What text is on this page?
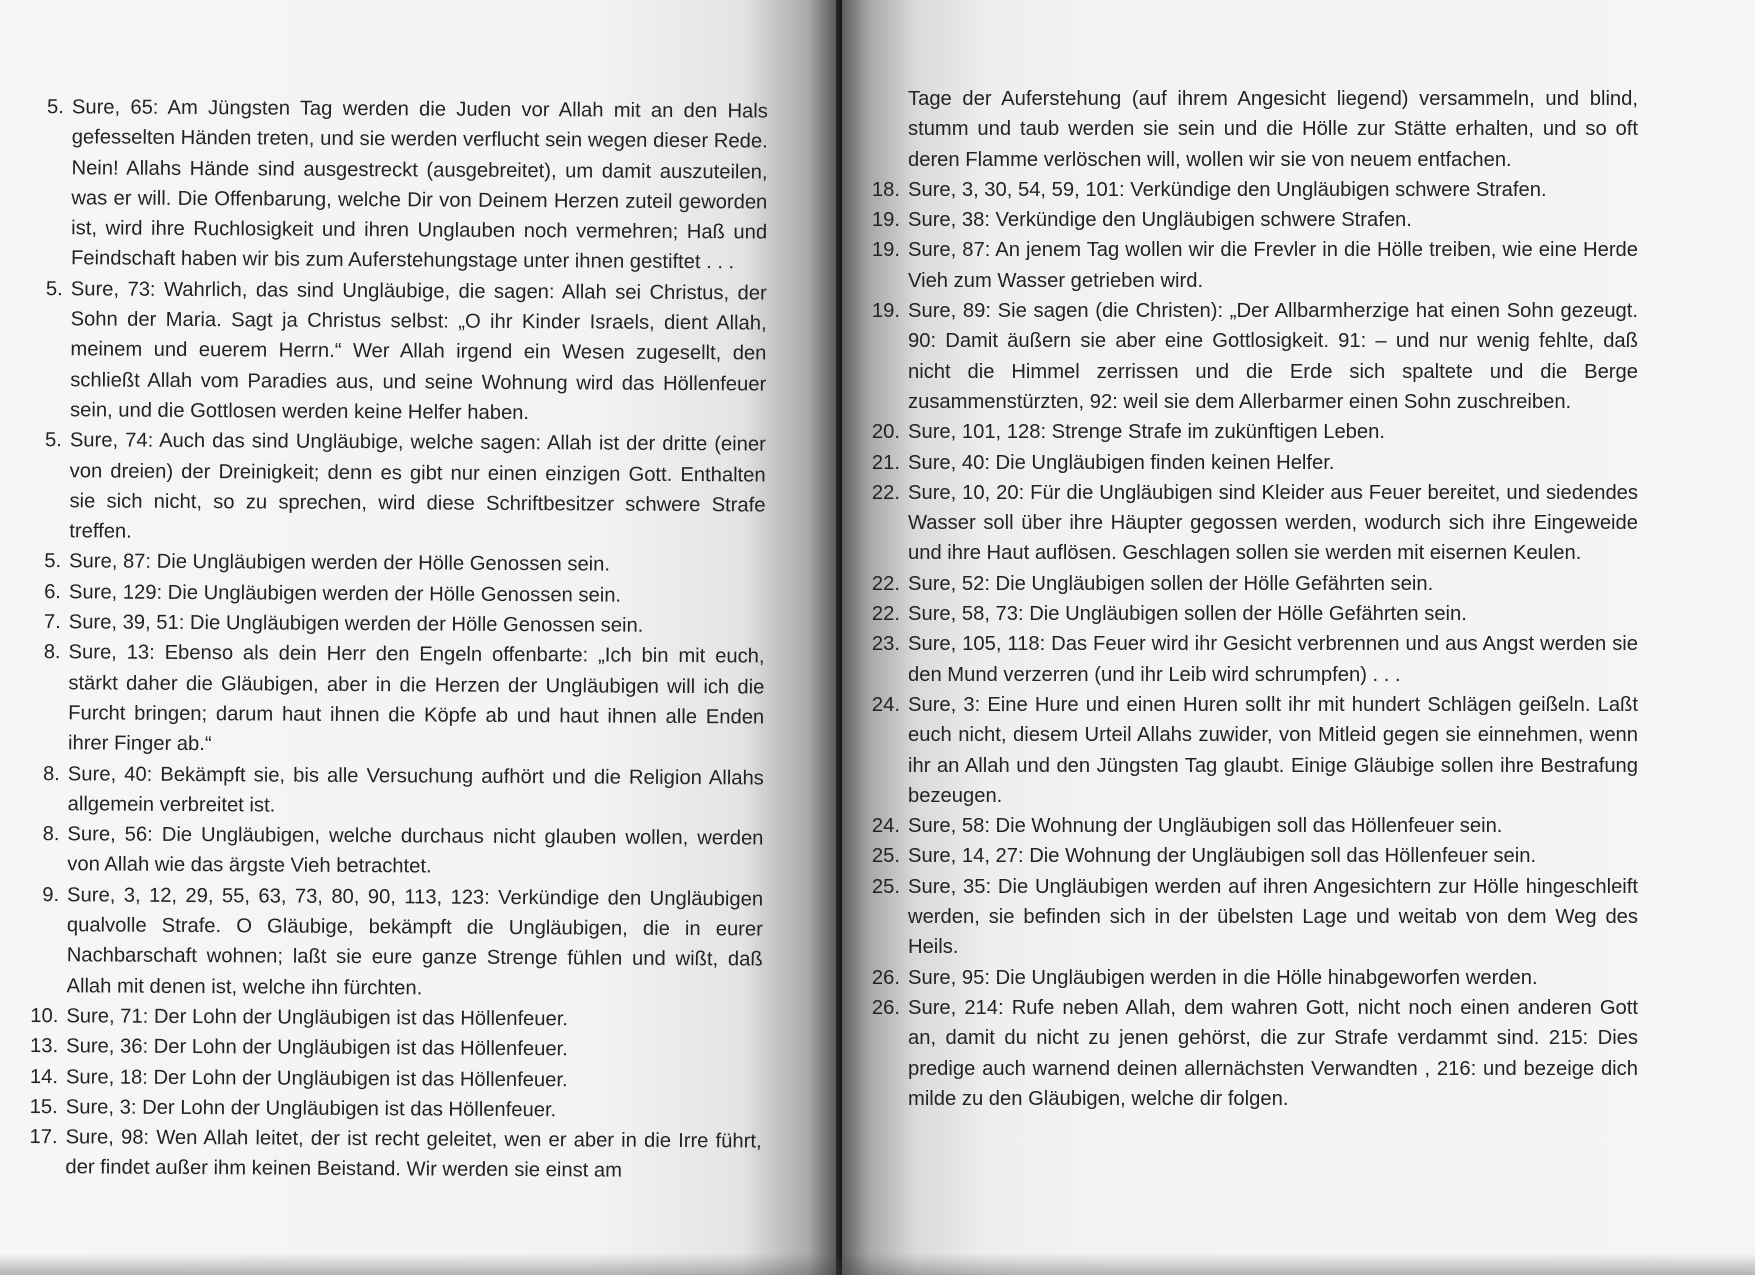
5. Sure, 65: Am Jüngsten Tag werden die Juden vor Allah mit an den Hals gefesselten Händen treten, und sie werden verflucht sein wegen dieser Rede. Nein! Allahs Hände sind ausgestreckt (ausgebreitet), um damit auszuteilen, was er will. Die Offenbarung, welche Dir von Deinem Herzen zuteil geworden ist, wird ihre Ruchlosigkeit und ihren Unglauben noch vermehren; Haß und Feindschaft haben wir bis zum Auferstehungstage unter ihnen gestiftet . . .
5. Sure, 73: Wahrlich, das sind Ungläubige, die sagen: Allah sei Christus, der Sohn der Maria. Sagt ja Christus selbst: „O ihr Kinder Israels, dient Allah, meinem und euerem Herrn.“ Wer Allah irgend ein Wesen zugesellt, den schließt Allah vom Paradies aus, und seine Wohnung wird das Höllenfeuer sein, und die Gottlosen werden keine Helfer haben.
5. Sure, 74: Auch das sind Ungläubige, welche sagen: Allah ist der dritte (einer von dreien) der Dreinigkeit; denn es gibt nur einen einzigen Gott. Enthalten sie sich nicht, so zu sprechen, wird diese Schriftbesitzer schwere Strafe treffen.
5. Sure, 87: Die Ungläubigen werden der Hölle Genossen sein.
6. Sure, 129: Die Ungläubigen werden der Hölle Genossen sein.
7. Sure, 39, 51: Die Ungläubigen werden der Hölle Genossen sein.
8. Sure, 13: Ebenso als dein Herr den Engeln offenbarte: „Ich bin mit euch, stärkt daher die Gläubigen, aber in die Herzen der Ungläubigen will ich die Furcht bringen; darum haut ihnen die Köpfe ab und haut ihnen alle Enden ihrer Finger ab.“
8. Sure, 40: Bekämpft sie, bis alle Versuchung aufhört und die Religion Allahs allgemein verbreitet ist.
8. Sure, 56: Die Ungläubigen, welche durchaus nicht glauben wollen, werden von Allah wie das ärgste Vieh betrachtet.
9. Sure, 3, 12, 29, 55, 63, 73, 80, 90, 113, 123: Verkündige den Ungläubigen qualvolle Strafe. O Gläubige, bekämpft die Ungläubigen, die in eurer Nachbarschaft wohnen; laßt sie eure ganze Strenge fühlen und wißt, daß Allah mit denen ist, welche ihn fürchten.
10. Sure, 71: Der Lohn der Ungläubigen ist das Höllenfeuer.
13. Sure, 36: Der Lohn der Ungläubigen ist das Höllenfeuer.
14. Sure, 18: Der Lohn der Ungläubigen ist das Höllenfeuer.
15. Sure, 3: Der Lohn der Ungläubigen ist das Höllenfeuer.
17. Sure, 98: Wen Allah leitet, der ist recht geleitet, wen er aber in die Irre führt, der findet außer ihm keinen Beistand. Wir werden sie einst am
Tage der Auferstehung (auf ihrem Angesicht liegend) versammeln, und blind, stumm und taub werden sie sein und die Hölle zur Stätte erhalten, und so oft deren Flamme verlöschen will, wollen wir sie von neuem entfachen.
18. Sure, 3, 30, 54, 59, 101: Verkündige den Ungläubigen schwere Strafen.
19. Sure, 38: Verkündige den Ungläubigen schwere Strafen.
19. Sure, 87: An jenem Tag wollen wir die Frevler in die Hölle treiben, wie eine Herde Vieh zum Wasser getrieben wird.
19. Sure, 89: Sie sagen (die Christen): „Der Allbarmherzige hat einen Sohn gezeugt. 90: Damit äußern sie aber eine Gottlosigkeit. 91: – und nur wenig fehlte, daß nicht die Himmel zerrissen und die Erde sich spaltete und die Berge zusammenstürzten, 92: weil sie dem Allerbarmer einen Sohn zuschreiben.
20. Sure, 101, 128: Strenge Strafe im zukünftigen Leben.
21. Sure, 40: Die Ungläubigen finden keinen Helfer.
22. Sure, 10, 20: Für die Ungläubigen sind Kleider aus Feuer bereitet, und siedendes Wasser soll über ihre Häupter gegossen werden, wodurch sich ihre Eingeweide und ihre Haut auflösen. Geschlagen sollen sie werden mit eisernen Keulen.
22. Sure, 52: Die Ungläubigen sollen der Hölle Gefährten sein.
22. Sure, 58, 73: Die Ungläubigen sollen der Hölle Gefährten sein.
23. Sure, 105, 118: Das Feuer wird ihr Gesicht verbrennen und aus Angst werden sie den Mund verzerren (und ihr Leib wird schrumpfen) . . .
24. Sure, 3: Eine Hure und einen Huren sollt ihr mit hundert Schlägen geißeln. Laßt euch nicht, diesem Urteil Allahs zuwider, von Mitleid gegen sie einnehmen, wenn ihr an Allah und den Jüngsten Tag glaubt. Einige Gläubige sollen ihre Bestrafung bezeugen.
24. Sure, 58: Die Wohnung der Ungläubigen soll das Höllenfeuer sein.
25. Sure, 14, 27: Die Wohnung der Ungläubigen soll das Höllenfeuer sein.
25. Sure, 35: Die Ungläubigen werden auf ihren Angesichtern zur Hölle hingeschleift werden, sie befinden sich in der übelsten Lage und weitab von dem Weg des Heils.
26. Sure, 95: Die Ungläubigen werden in die Hölle hinabgeworfen werden.
26. Sure, 214: Rufe neben Allah, dem wahren Gott, nicht noch einen anderen Gott an, damit du nicht zu jenen gehörst, die zur Strafe verdammt sind. 215: Dies predige auch warnend deinen allernächsten Verwandten , 216: und bezeige dich milde zu den Gläubigen, welche dir folgen.
